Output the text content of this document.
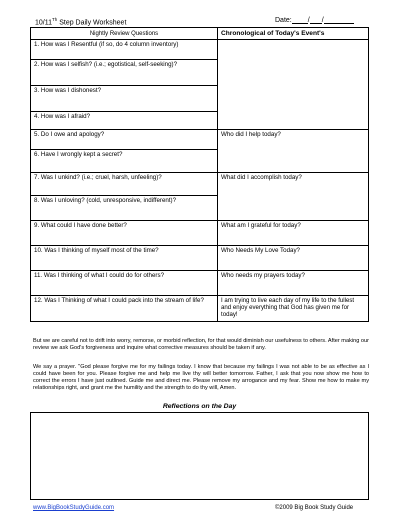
10/11Th Step Daily Worksheet	Date: / /
Nightly Review Questions	Chronological of Today's Event's
1. How was I Resentful (if so, do 4 column inventory)	
2. How was I selfish? (i.e.; egotistical, self-seeking)?	
3. How was I dishonest?	
4. How was I afraid?	
5. Do I owe and apology?	Who did I help today?
6. Have I wrongly kept a secret?	
7. Was I unkind? (i.e.; cruel, harsh, unfeeling)?	What did I accomplish today?
8. Was I unloving? (cold, unresponsive, indifferent)?	
9. What could I have done better?	What am I grateful for today?
10. Was I thinking of myself most of the time?	Who Needs My Love Today?
11. Was I thinking of what I could do for others?	Who needs my prayers today?
12. Was I Thinking of what I could pack into the stream of life?	I am trying to live each day of my life to the fullest and enjoy everything that God has given me for today!
But we are careful not to drift into worry, remorse, or morbid reflection, for that would diminish our usefulness to others. After making our review we ask God's forgiveness and inquire what corrective measures should be taken if any.
We say a prayer. "God please forgive me for my failings today. I know that because my failings I was not able to be as effective as I could have been for you. Please forgive me and help me live thy will better tomorrow. Father, I ask that you now show me how to correct the errors I have just outlined. Guide me and direct me. Please remove my arrogance and my fear. Show me how to make my relationships right, and grant me the humility and the strength to do thy will, Amen.
Reflections on the Day
www.BigBookStudyGuide.com	©2009 Big Book Study Guide
